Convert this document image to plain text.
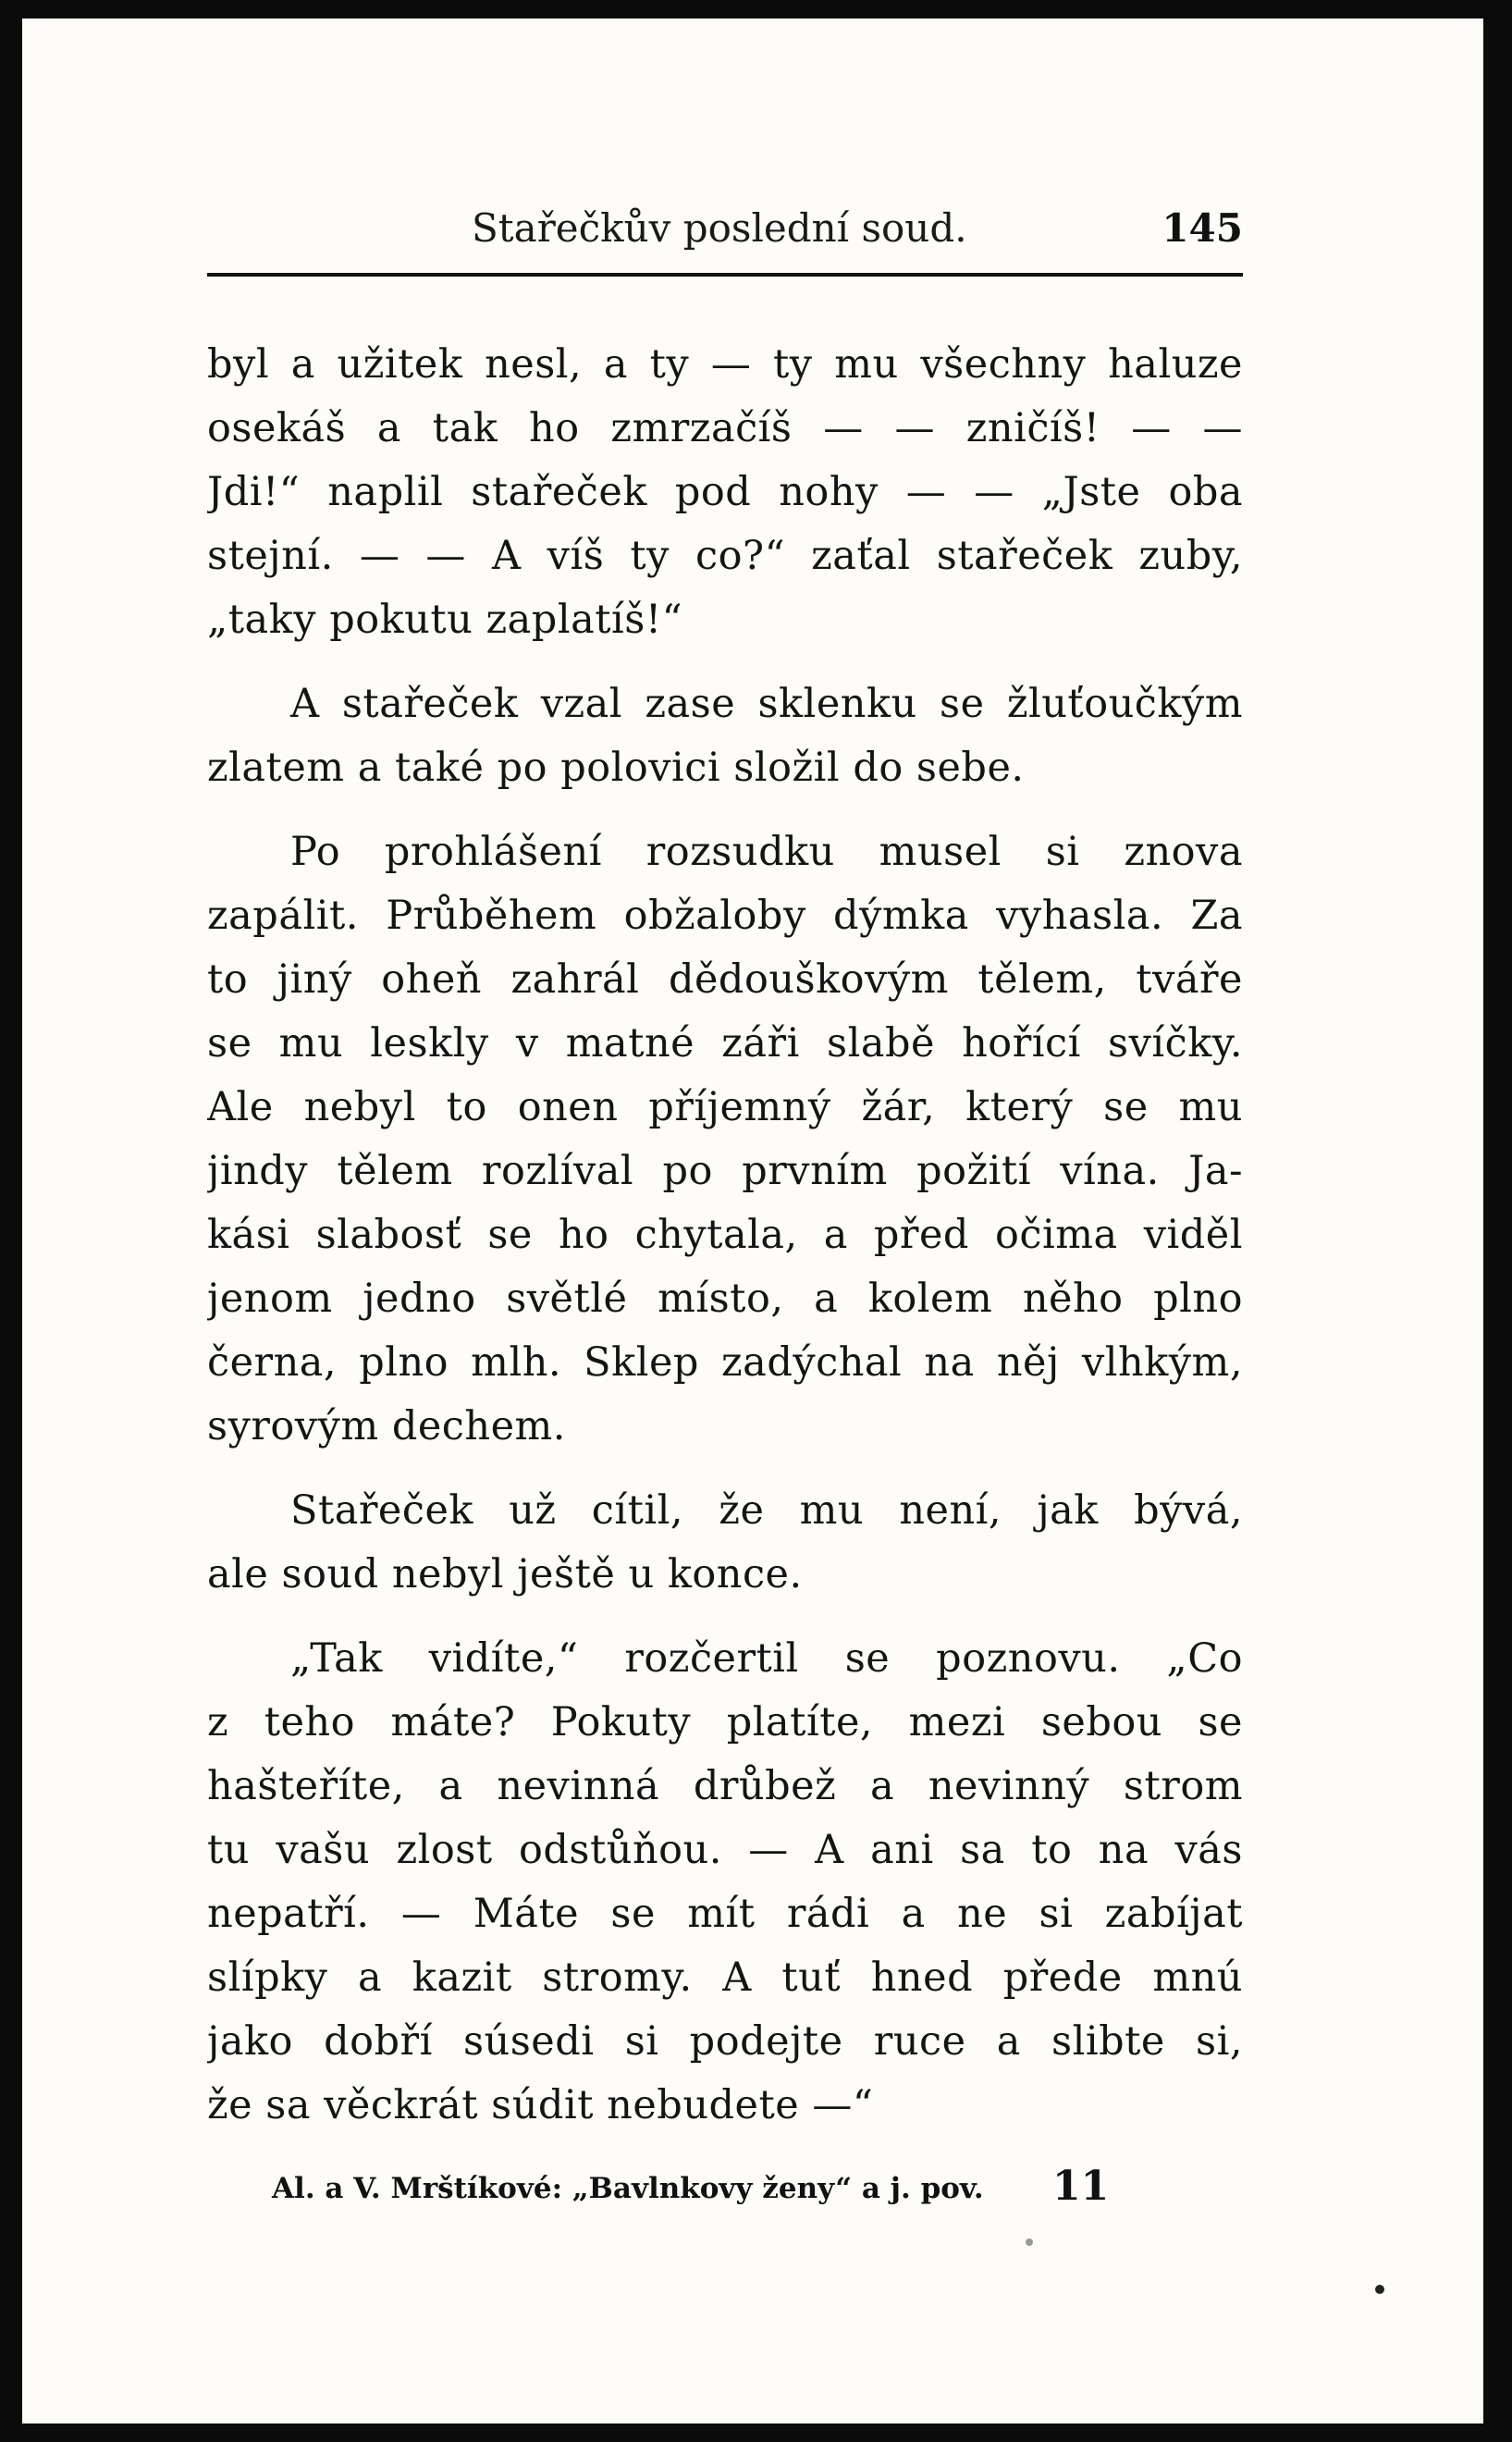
Stařečkův poslední soud.	145
byl a užitek nesl, a ty — ty mu všechny haluze
osekáš a tak ho zmrzačíš — — zničíš! — —
Jdi!“ naplil stařeček pod nohy — — „Jste oba
stejní. — — A víš ty co?“ zaťal stařeček zuby,
„taky pokutu zaplatíš!“
A stařeček vzal zase sklenku se žluťoučkým
zlatem a také po polovici složil do sebe.
Po prohlášení rozsudku musel si znova
zapálit. Průběhem obžaloby dýmka vyhasla. Za
to jiný oheň zahrál dědouškovým tělem, tváře
se mu leskly v matné záři slabě hořící svíčky.
Ale nebyl to onen příjemný žár, který se mu
jindy tělem rozlíval po prvním požití vína. Ja-
kási slabosť se ho chytala, a před očima viděl
jenom jedno světlé místo, a kolem něho plno
černa, plno mlh. Sklep zadýchal na něj vlhkým,
syrovým dechem.
Stařeček už cítil, že mu není, jak bývá,
ale soud nebyl ještě u konce.
„Tak vidíte,“ rozčertil se poznovu. „Co
z teho máte? Pokuty platíte, mezi sebou se
hašteříte, a nevinná drůbež a nevinný strom
tu vašu zlost odstůňou. — A ani sa to na vás
nepatří. — Máte se mít rádi a ne si zabíjat
slípky a kazit stromy. A tuť hned přede mnú
jako dobří súsedi si podejte ruce a slibte si,
že sa věckrát súdit nebudete —“
Al. a V. Mrštíkové: „Bavlnkovy ženy“ a j. pov. 11
